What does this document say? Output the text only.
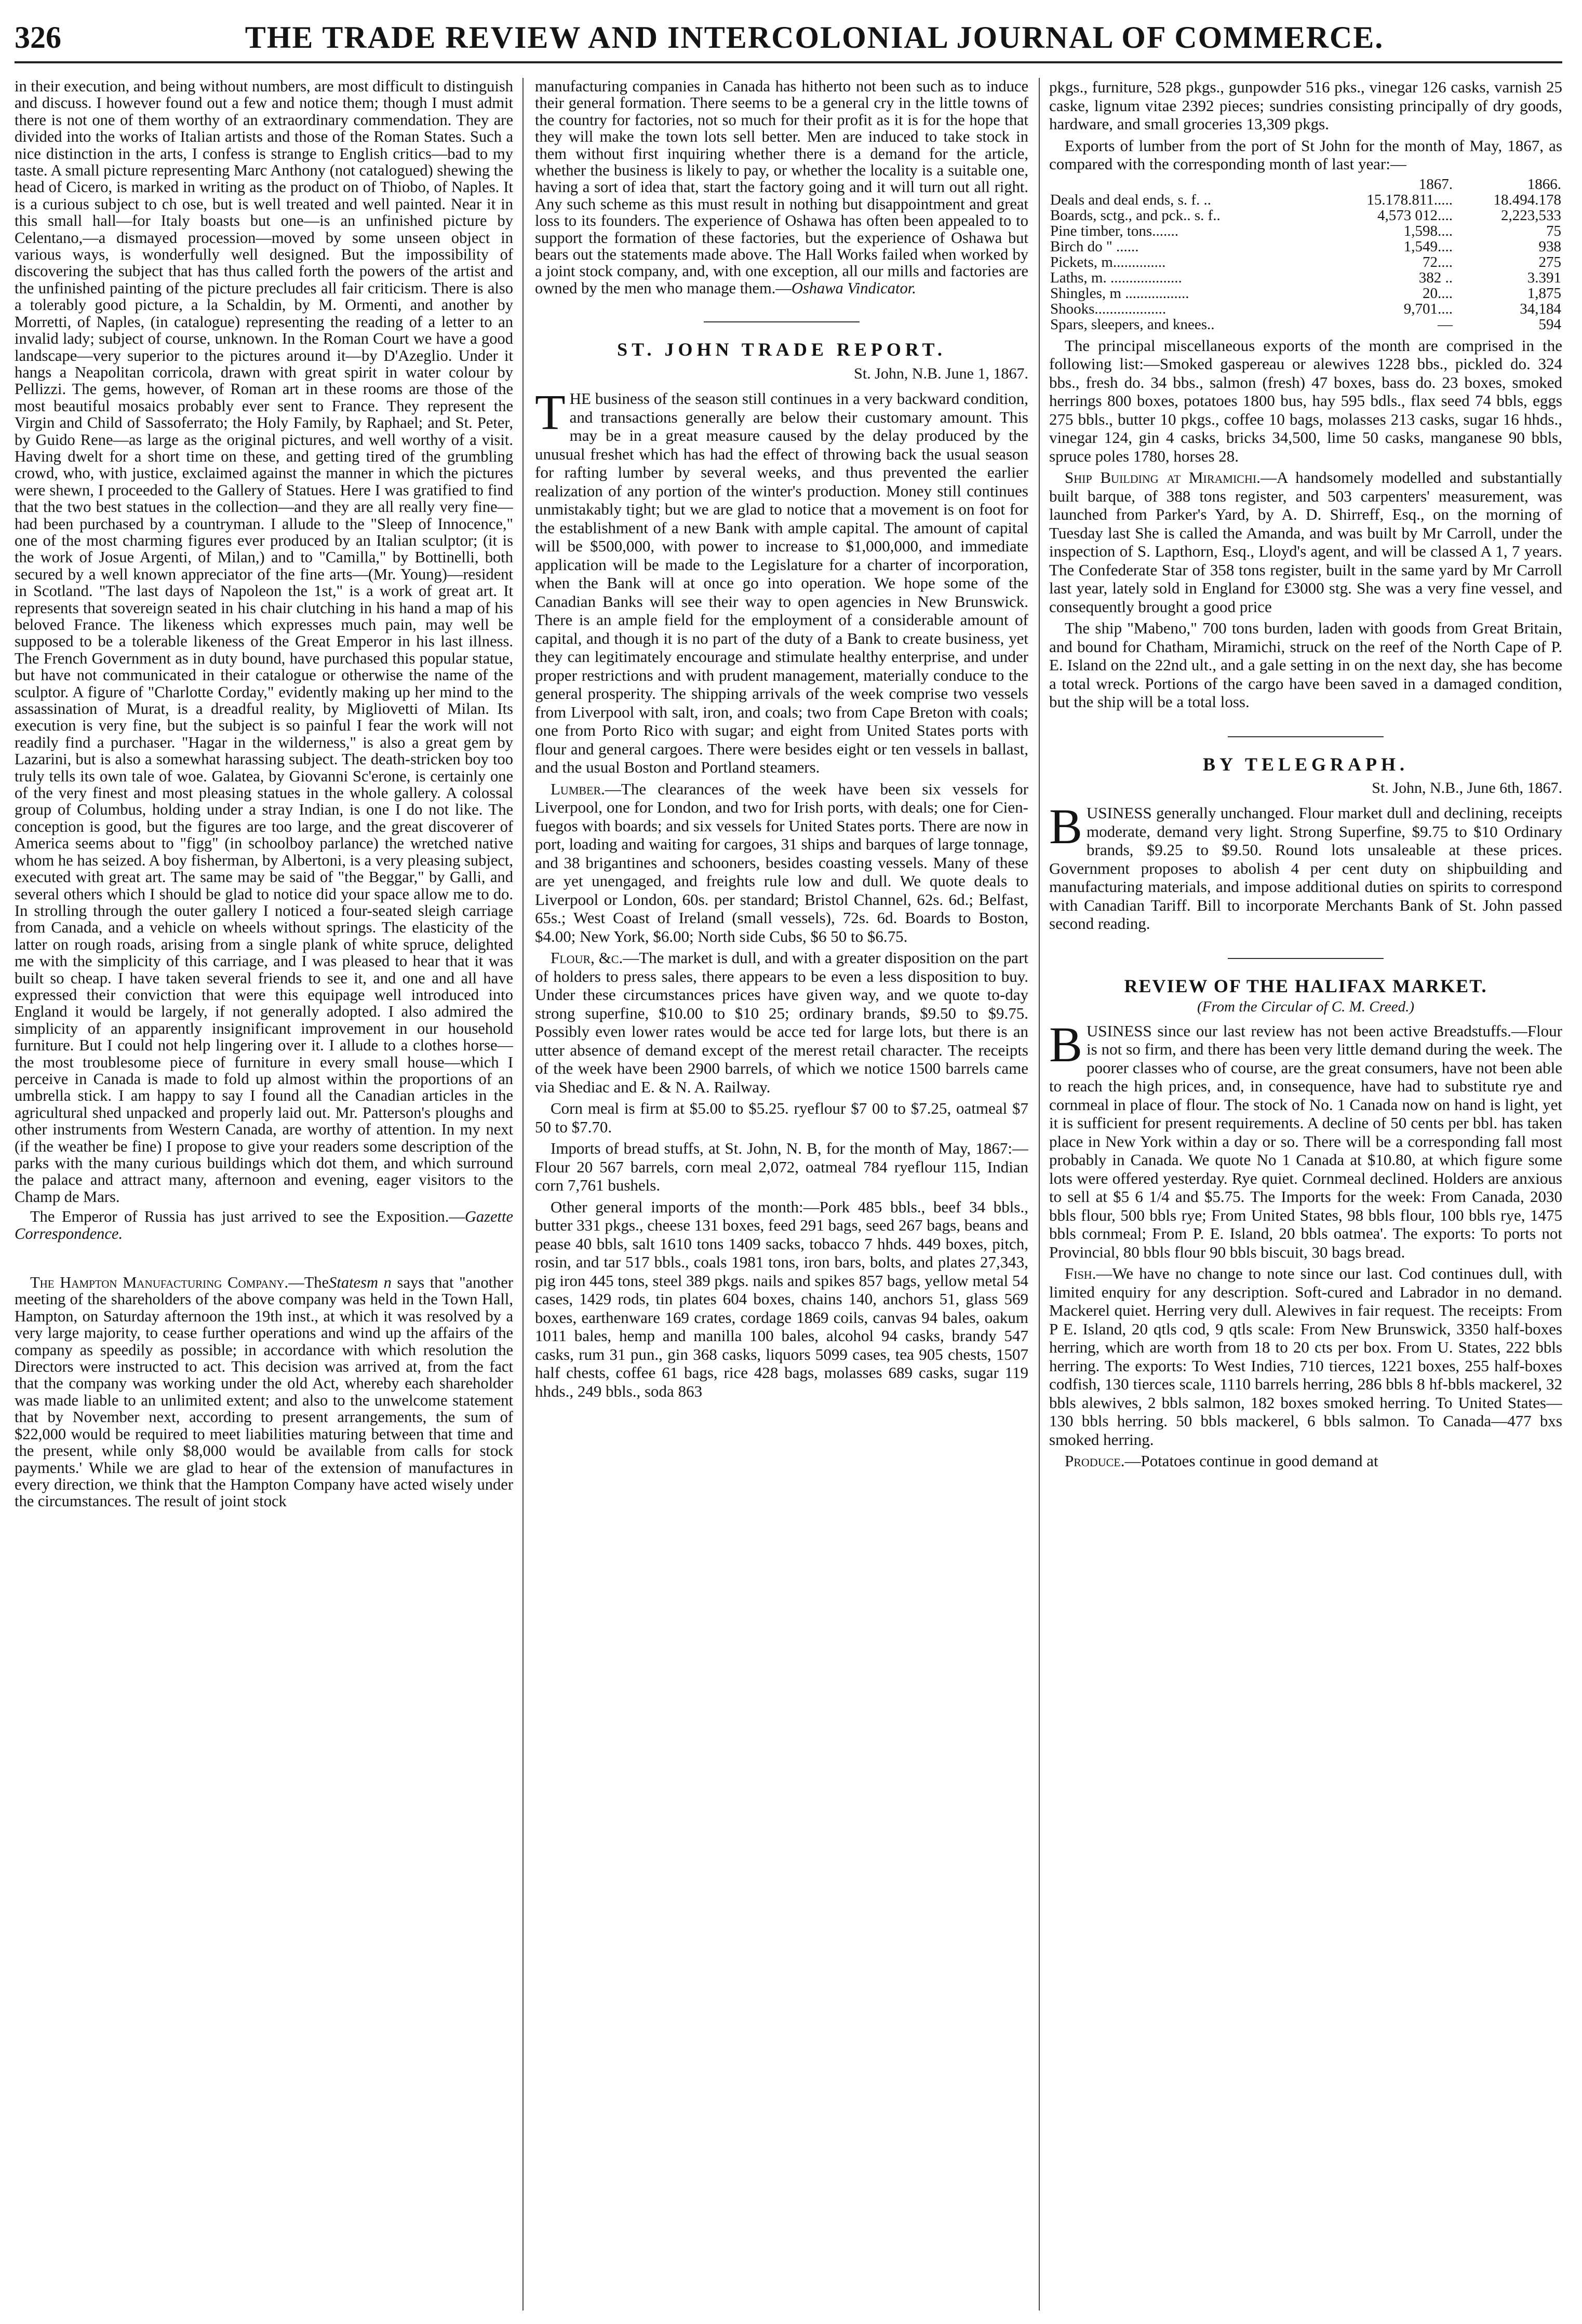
326	THE TRADE REVIEW AND INTERCOLONIAL JOURNAL OF COMMERCE.

in their execution, and being without numbers, are most difficult to distinguish and discuss. I however found out a few and notice them; though I must admit there is not one of them worthy of an extraordinary commendation. They are divided into the works of Italian artists and those of the Roman States. Such a nice distinction in the arts, I confess is strange to English critics—bad to my taste. A small picture representing Marc Anthony (not catalogued) shewing the head of Cicero, is marked in writing as the product on of Thiobo, of Naples. It is a curious subject to ch ose, but is well treated and well painted. Near it in this small hall—for Italy boasts but one—is an unfinished picture by Celentano,—a dismayed procession—moved by some unseen object in various ways, is wonderfully well designed. But the impossibility of discovering the subject that has thus called forth the powers of the artist and the unfinished painting of the picture precludes all fair criticism. There is also a tolerably good picture, a la Schaldin, by M. Ormenti, and another by Morretti, of Naples, (in catalogue) representing the reading of a letter to an invalid lady; subject of course, unknown. In the Roman Court we have a good landscape—very superior to the pictures around it—by D'Azeglio. Under it hangs a Neapolitan corricola, drawn with great spirit in water colour by Pellizzi. The gems, however, of Roman art in these rooms are those of the most beautiful mosaics probably ever sent to France. They represent the Virgin and Child of Sassoferrato; the Holy Family, by Raphael; and St. Peter, by Guido Rene—as large as the original pictures, and well worthy of a visit. Having dwelt for a short time on these, and getting tired of the grumbling crowd, who, with justice, exclaimed against the manner in which the pictures were shewn, I proceeded to the Gallery of Statues. Here I was gratified to find that the two best statues in the collection—and they are all really very fine—had been purchased by a countryman. I allude to the "Sleep of Innocence," one of the most charming figures ever produced by an Italian sculptor; (it is the work of Josue Argenti, of Milan,) and to "Camilla," by Bottinelli, both secured by a well known appreciator of the fine arts—(Mr. Young)—resident in Scotland. "The last days of Napoleon the 1st," is a work of great art. It represents that sovereign seated in his chair clutching in his hand a map of his beloved France. The likeness which expresses much pain, may well be supposed to be a tolerable likeness of the Great Emperor in his last illness. The French Government as in duty bound, have purchased this popular statue, but have not communicated in their catalogue or otherwise the name of the sculptor. A figure of "Charlotte Corday," evidently making up her mind to the assassination of Murat, is a dreadful reality, by Migliovetti of Milan. Its execution is very fine, but the subject is so painful I fear the work will not readily find a purchaser. "Hagar in the wilderness," is also a great gem by Lazarini, but is also a somewhat harassing subject. The death-stricken boy too truly tells its own tale of woe. Galatea, by Giovanni Sc'erone, is certainly one of the very finest and most pleasing statues in the whole gallery. A colossal group of Columbus, holding under a stray Indian, is one I do not like. The conception is good, but the figures are too large, and the great discoverer of America seems about to "figg" (in schoolboy parlance) the wretched native whom he has seized. A boy fisherman, by Albertoni, is a very pleasing subject, executed with great art. The same may be said of "the Beggar," by Galli, and several others which I should be glad to notice did your space allow me to do. In strolling through the outer gallery I noticed a four-seated sleigh carriage from Canada, and a vehicle on wheels without springs. The elasticity of the latter on rough roads, arising from a single plank of white spruce, delighted me with the simplicity of this carriage, and I was pleased to hear that it was built so cheap. I have taken several friends to see it, and one and all have expressed their conviction that were this equipage well introduced into England it would be largely, if not generally adopted. I also admired the simplicity of an apparently insignificant improvement in our household furniture. But I could not help lingering over it. I allude to a clothes horse—the most troublesome piece of furniture in every small house—which I perceive in Canada is made to fold up almost within the proportions of an umbrella stick. I am happy to say I found all the Canadian articles in the agricultural shed unpacked and properly laid out. Mr. Patterson's ploughs and other instruments from Western Canada, are worthy of attention. In my next (if the weather be fine) I propose to give your readers some description of the parks with the many curious buildings which dot them, and which surround the palace and attract many, afternoon and evening, eager visitors to the Champ de Mars.

The Emperor of Russia has just arrived to see the Exposition.—Gazette Correspondence.

The Hampton Manufacturing Company.—TheStatesm n says that "another meeting of the shareholders of the above company was held in the Town Hall, Hampton, on Saturday afternoon the 19th inst., at which it was resolved by a very large majority, to cease further operations and wind up the affairs of the company as speedily as possible; in accordance with which resolution the Directors were instructed to act. This decision was arrived at, from the fact that the company was working under the old Act, whereby each shareholder was made liable to an unlimited extent; and also to the unwelcome statement that by November next, according to present arrangements, the sum of $22,000 would be required to meet liabilities maturing between that time and the present, while only $8,000 would be available from calls for stock payments.' While we are glad to hear of the extension of manufactures in every direction, we think that the Hampton Company have acted wisely under the circumstances. The result of joint stock

manufacturing companies in Canada has hitherto not been such as to induce their general formation. There seems to be a general cry in the little towns of the country for factories, not so much for their profit as it is for the hope that they will make the town lots sell better. Men are induced to take stock in them without first inquiring whether there is a demand for the article, whether the business is likely to pay, or whether the locality is a suitable one, having a sort of idea that, start the factory going and it will turn out all right. Any such scheme as this must result in nothing but disappointment and great loss to its founders. The experience of Oshawa has often been appealed to to support the formation of these factories, but the experience of Oshawa but bears out the statements made above. The Hall Works failed when worked by a joint stock company, and, with one exception, all our mills and factories are owned by the men who manage them.—Oshawa Vindicator.

ST. JOHN TRADE REPORT.
St. John, N.B. June 1, 1867.

THE business of the season still continues in a very backward condition, and transactions generally are below their customary amount. This may be in a great measure caused by the delay produced by the unusual freshet which has had the effect of throwing back the usual season for rafting lumber by several weeks, and thus prevented the earlier realization of any portion of the winter's production. Money still continues unmistakably tight; but we are glad to notice that a movement is on foot for the establishment of a new Bank with ample capital. The amount of capital will be $500,000, with power to increase to $1,000,000, and immediate application will be made to the Legislature for a charter of incorporation, when the Bank will at once go into operation. We hope some of the Canadian Banks will see their way to open agencies in New Brunswick. There is an ample field for the employment of a considerable amount of capital, and though it is no part of the duty of a Bank to create business, yet they can legitimately encourage and stimulate healthy enterprise, and under proper restrictions and with prudent management, materially conduce to the general prosperity. The shipping arrivals of the week comprise two vessels from Liverpool with salt, iron, and coals; two from Cape Breton with coals; one from Porto Rico with sugar; and eight from United States ports with flour and general cargoes. There were besides eight or ten vessels in ballast, and the usual Boston and Portland steamers.

Lumber.—The clearances of the week have been six vessels for Liverpool, one for London, and two for Irish ports, with deals; one for Cien-fuegos with boards; and six vessels for United States ports. There are now in port, loading and waiting for cargoes, 31 ships and barques of large tonnage, and 38 brigantines and schooners, besides coasting vessels. Many of these are yet unengaged, and freights rule low and dull. We quote deals to Liverpool or London, 60s. per standard; Bristol Channel, 62s. 6d.; Belfast, 65s.; West Coast of Ireland (small vessels), 72s. 6d. Boards to Boston, $4.00; New York, $6.00; North side Cubs, $6 50 to $6.75.

Flour, &c.—The market is dull, and with a greater disposition on the part of holders to press sales, there appears to be even a less disposition to buy. Under these circumstances prices have given way, and we quote to-day strong superfine, $10.00 to $10 25; ordinary brands, $9.50 to $9.75. Possibly even lower rates would be acce ted for large lots, but there is an utter absence of demand except of the merest retail character. The receipts of the week have been 2900 barrels, of which we notice 1500 barrels came via Shediac and E. & N. A. Railway.

Corn meal is firm at $5.00 to $5.25. ryeflour $7 00 to $7.25, oatmeal $7 50 to $7.70.

Imports of bread stuffs, at St. John, N. B, for the month of May, 1867:—Flour 20 567 barrels, corn meal 2,072, oatmeal 784 ryeflour 115, Indian corn 7,761 bushels.

Other general imports of the month:—Pork 485 bbls., beef 34 bbls., butter 331 pkgs., cheese 131 boxes, feed 291 bags, seed 267 bags, beans and pease 40 bbls, salt 1610 tons 1409 sacks, tobacco 7 hhds. 449 boxes, pitch, rosin, and tar 517 bbls., coals 1981 tons, iron bars, bolts, and plates 27,343, pig iron 445 tons, steel 389 pkgs. nails and spikes 857 bags, yellow metal 54 cases, 1429 rods, tin plates 604 boxes, chains 140, anchors 51, glass 569 boxes, earthenware 169 crates, cordage 1869 coils, canvas 94 bales, oakum 1011 bales, hemp and manilla 100 bales, alcohol 94 casks, brandy 547 casks, rum 31 pun., gin 368 casks, liquors 5099 cases, tea 905 chests, 1507 half chests, coffee 61 bags, rice 428 bags, molasses 689 casks, sugar 119 hhds., 249 bbls., soda 863

pkgs., furniture, 528 pkgs., gunpowder 516 pks., vinegar 126 casks, varnish 25 caske, lignum vitae 2392 pieces; sundries consisting principally of dry goods, hardware, and small groceries 13,309 pkgs.

Exports of lumber from the port of St John for the month of May, 1867, as compared with the corresponding month of last year:—

	1867.	1866.
Deals and deal ends, s. f. ..	15.178.811.....	18.494.178
Boards, sctg., and pck.. s. f..	4,573 012....	2,223,533
Pine timber, tons.......	1,598....	75
Birch do " ......	1,549....	938
Pickets, m..............	72....	275
Laths, m. ...................	382 ..	3.391
Shingles, m .................	20....	1,875
Shooks...................	9,701....	34,184
Spars, sleepers, and knees..	—	594

The principal miscellaneous exports of the month are comprised in the following list:—Smoked gaspereau or alewives 1228 bbs., pickled do. 324 bbs., fresh do. 34 bbs., salmon (fresh) 47 boxes, bass do. 23 boxes, smoked herrings 800 boxes, potatoes 1800 bus, hay 595 bdls., flax seed 74 bbls, eggs 275 bbls., butter 10 pkgs., coffee 10 bags, molasses 213 casks, sugar 16 hhds., vinegar 124, gin 4 casks, bricks 34,500, lime 50 casks, manganese 90 bbls, spruce poles 1780, horses 28.

Ship Building at Miramichi.—A handsomely modelled and substantially built barque, of 388 tons register, and 503 carpenters' measurement, was launched from Parker's Yard, by A. D. Shirreff, Esq., on the morning of Tuesday last She is called the Amanda, and was built by Mr Carroll, under the inspection of S. Lapthorn, Esq., Lloyd's agent, and will be classed A 1, 7 years. The Confederate Star of 358 tons register, built in the same yard by Mr Carroll last year, lately sold in England for £3000 stg. She was a very fine vessel, and consequently brought a good price

The ship "Mabeno," 700 tons burden, laden with goods from Great Britain, and bound for Chatham, Miramichi, struck on the reef of the North Cape of P. E. Island on the 22nd ult., and a gale setting in on the next day, she has become a total wreck. Portions of the cargo have been saved in a damaged condition, but the ship will be a total loss.

BY TELEGRAPH.
St. John, N.B., June 6th, 1867.

BUSINESS generally unchanged. Flour market dull and declining, receipts moderate, demand very light. Strong Superfine, $9.75 to $10 Ordinary brands, $9.25 to $9.50. Round lots unsaleable at these prices. Government proposes to abolish 4 per cent duty on shipbuilding and manufacturing materials, and impose additional duties on spirits to correspond with Canadian Tariff. Bill to incorporate Merchants Bank of St. John passed second reading.

REVIEW OF THE HALIFAX MARKET.
(From the Circular of C. M. Creed.)

BUSINESS since our last review has not been active Breadstuffs.—Flour is not so firm, and there has been very little demand during the week. The poorer classes who of course, are the great consumers, have not been able to reach the high prices, and, in consequence, have had to substitute rye and cornmeal in place of flour. The stock of No. 1 Canada now on hand is light, yet it is sufficient for present requirements. A decline of 50 cents per bbl. has taken place in New York within a day or so. There will be a corresponding fall most probably in Canada. We quote No 1 Canada at $10.80, at which figure some lots were offered yesterday. Rye quiet. Cornmeal declined. Holders are anxious to sell at $5 6 1/4 and $5.75. The Imports for the week: From Canada, 2030 bbls flour, 500 bbls rye; From United States, 98 bbls flour, 100 bbls rye, 1475 bbls cornmeal; From P. E. Island, 20 bbls oatmea'. The exports: To ports not Provincial, 80 bbls flour 90 bbls biscuit, 30 bags bread.

Fish.—We have no change to note since our last. Cod continues dull, with limited enquiry for any description. Soft-cured and Labrador in no demand. Mackerel quiet. Herring very dull. Alewives in fair request. The receipts: From P E. Island, 20 qtls cod, 9 qtls scale: From New Brunswick, 3350 half-boxes herring, which are worth from 18 to 20 cts per box. From U. States, 222 bbls herring. The exports: To West Indies, 710 tierces, 1221 boxes, 255 half-boxes codfish, 130 tierces scale, 1110 barrels herring, 286 bbls 8 hf-bbls mackerel, 32 bbls alewives, 2 bbls salmon, 182 boxes smoked herring. To United States—130 bbls herring. 50 bbls mackerel, 6 bbls salmon. To Canada—477 bxs smoked herring.

Produce.—Potatoes continue in good demand at
